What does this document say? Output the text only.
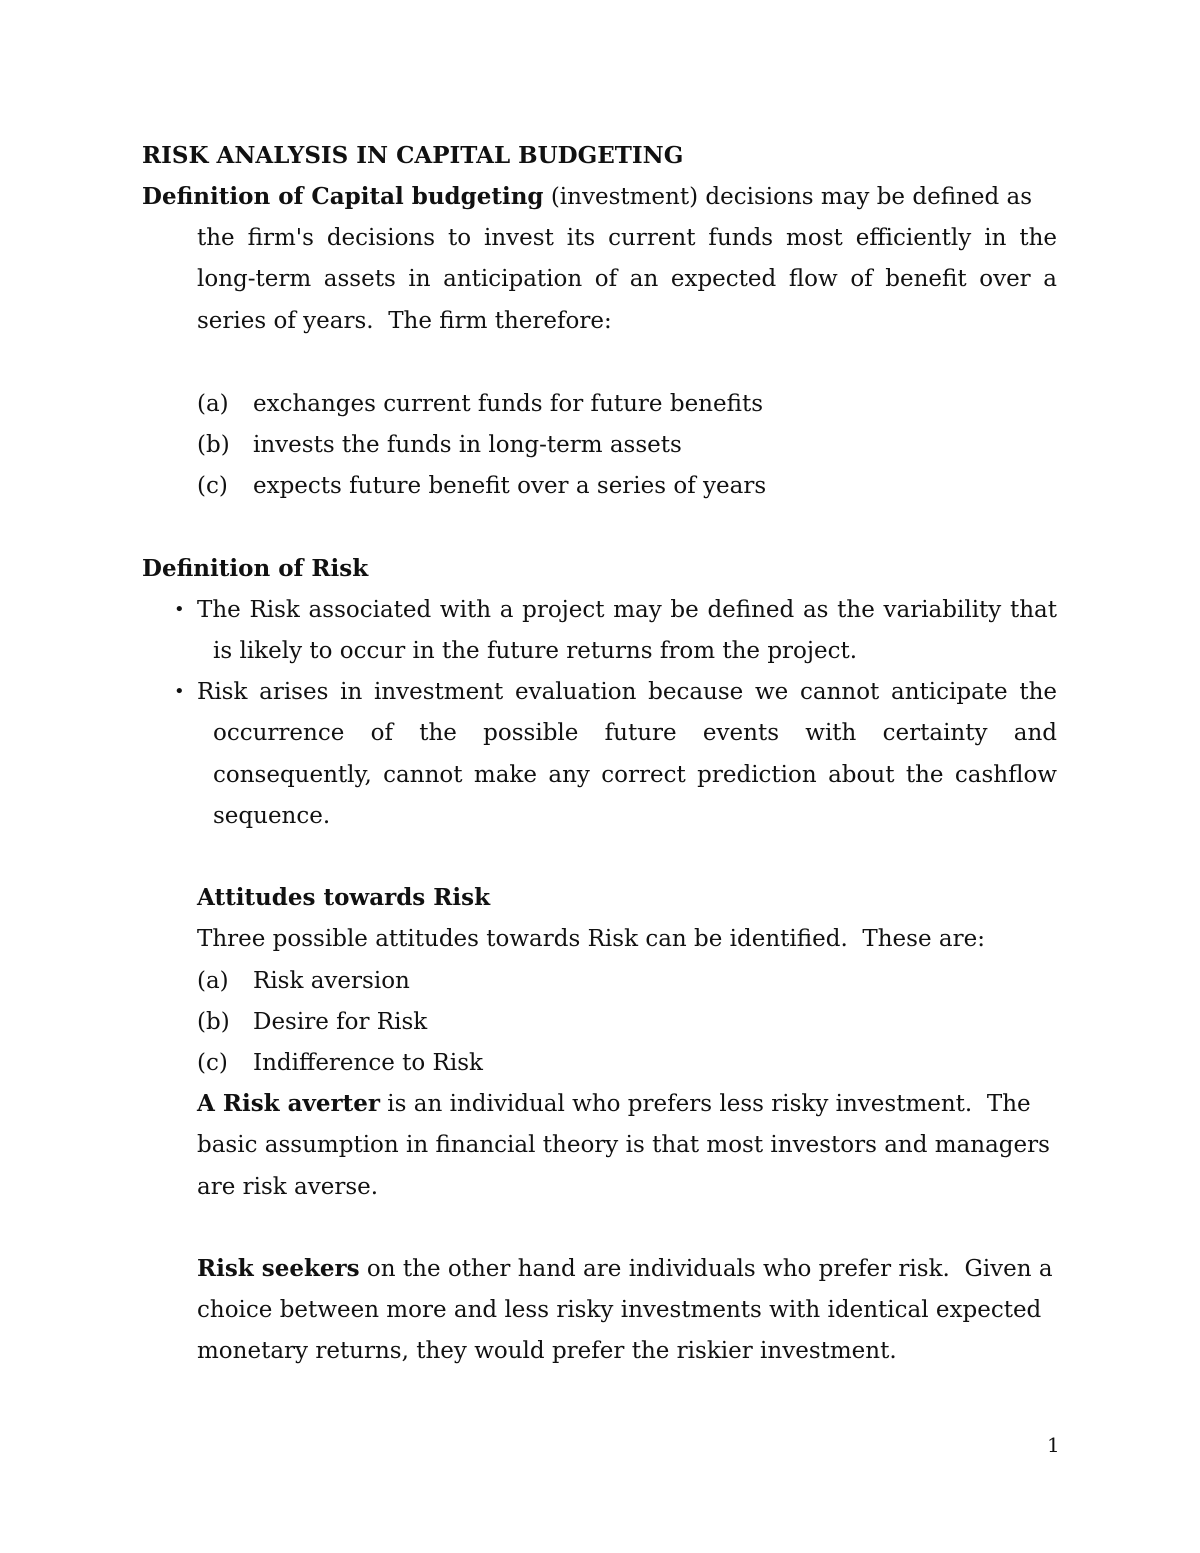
RISK ANALYSIS IN CAPITAL BUDGETING
Definition of Capital budgeting (investment) decisions may be defined as
the firm's decisions to invest its current funds most efficiently in the
long-term assets in anticipation of an expected flow of benefit over a
series of years.  The firm therefore:
(a) exchanges current funds for future benefits
(b) invests the funds in long-term assets
(c) expects future benefit over a series of years
Definition of Risk
• The Risk associated with a project may be defined as the variability that
is likely to occur in the future returns from the project.
• Risk arises in investment evaluation because we cannot anticipate the
occurrence of the possible future events with certainty and
consequently, cannot make any correct prediction about the cashflow
sequence.
Attitudes towards Risk
Three possible attitudes towards Risk can be identified.  These are:
(a) Risk aversion
(b) Desire for Risk
(c) Indifference to Risk
A Risk averter is an individual who prefers less risky investment.  The
basic assumption in financial theory is that most investors and managers
are risk averse.
Risk seekers on the other hand are individuals who prefer risk.  Given a
choice between more and less risky investments with identical expected
monetary returns, they would prefer the riskier investment.
1
